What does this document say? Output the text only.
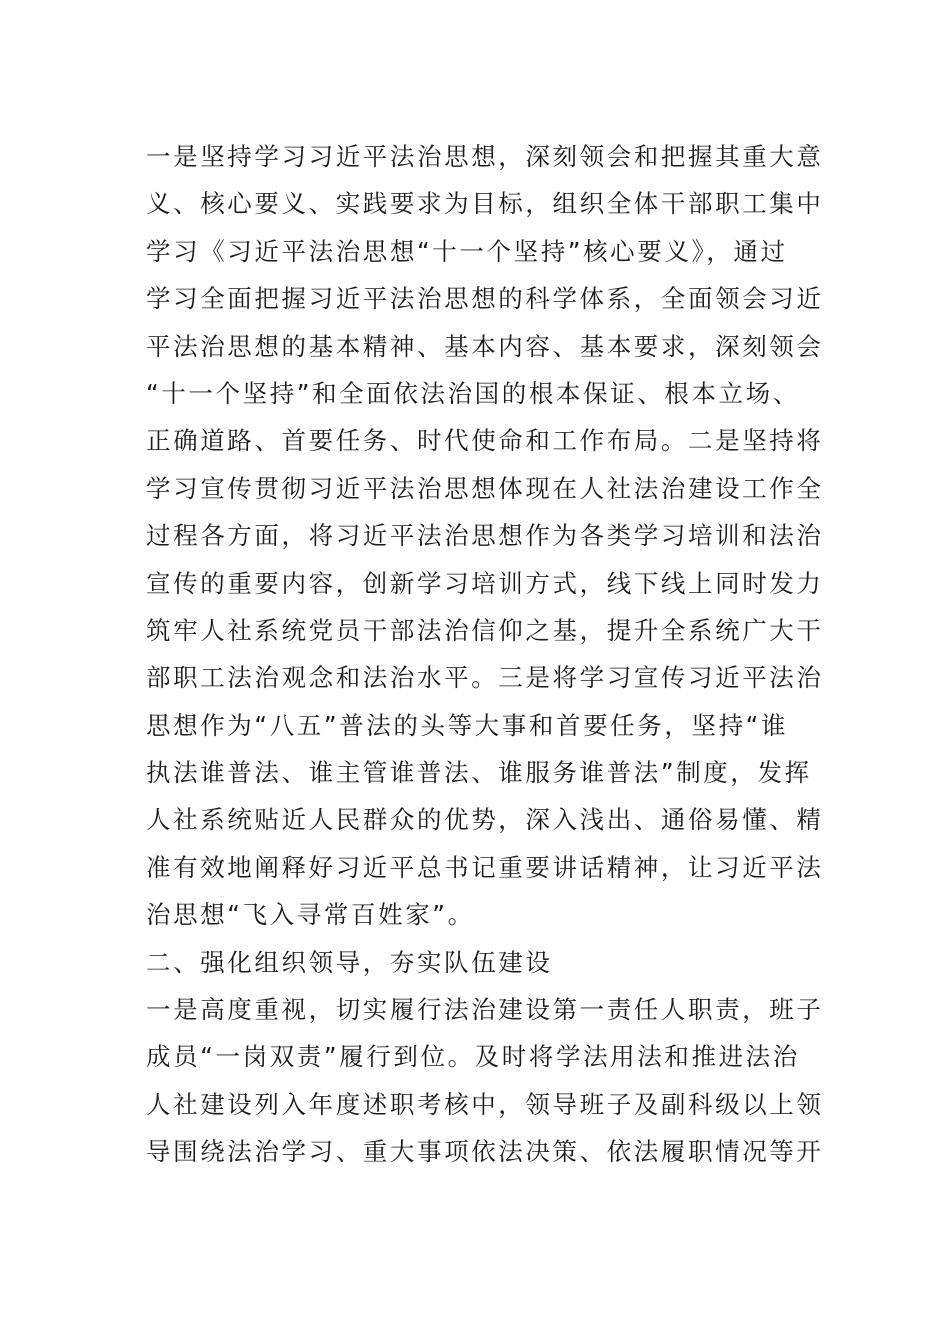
一是坚持学习习近平法治思想，深刻领会和把握其重大意
义、核心要义、实践要求为目标，组织全体干部职工集中
学习《习近平法治思想“十一个坚持”核心要义》，通过
学习全面把握习近平法治思想的科学体系，全面领会习近
平法治思想的基本精神、基本内容、基本要求，深刻领会
“十一个坚持”和全面依法治国的根本保证、根本立场、
正确道路、首要任务、时代使命和工作布局。二是坚持将
学习宣传贯彻习近平法治思想体现在人社法治建设工作全
过程各方面，将习近平法治思想作为各类学习培训和法治
宣传的重要内容，创新学习培训方式，线下线上同时发力
筑牢人社系统党员干部法治信仰之基，提升全系统广大干
部职工法治观念和法治水平。三是将学习宣传习近平法治
思想作为“八五”普法的头等大事和首要任务，坚持“谁
执法谁普法、谁主管谁普法、谁服务谁普法”制度，发挥
人社系统贴近人民群众的优势，深入浅出、通俗易懂、精
准有效地阐释好习近平总书记重要讲话精神，让习近平法
治思想“飞入寻常百姓家”。
二、强化组织领导，夯实队伍建设
一是高度重视，切实履行法治建设第一责任人职责，班子
成员“一岗双责”履行到位。及时将学法用法和推进法治
人社建设列入年度述职考核中，领导班子及副科级以上领
导围绕法治学习、重大事项依法决策、依法履职情况等开
